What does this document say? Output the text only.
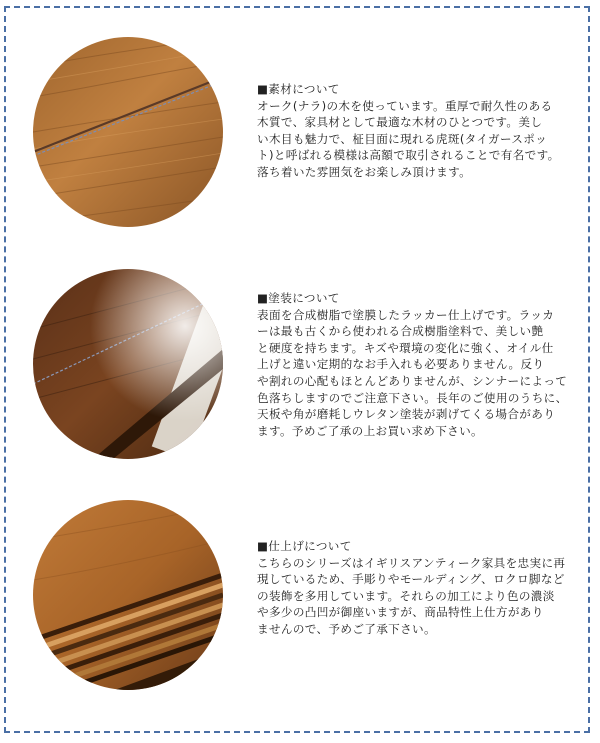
■素材について
オーク(ナラ)の木を使っています。重厚で耐久性のある
木質で、家具材として最適な木材のひとつです。美し
い木目も魅力で、柾目面に現れる虎斑(タイガースポッ
ト)と呼ばれる模様は高額で取引されることで有名です。
落ち着いた雰囲気をお楽しみ頂けます。
■塗装について
表面を合成樹脂で塗膜したラッカー仕上げです。ラッカ
ーは最も古くから使われる合成樹脂塗料で、美しい艶
と硬度を持ちます。キズや環境の変化に強く、オイル仕
上げと違い定期的なお手入れも必要ありません。反り
や割れの心配もほとんどありませんが、シンナーによって
色落ちしますのでご注意下さい。長年のご使用のうちに、
天板や角が磨耗しウレタン塗装が剥げてくる場合があり
ます。予めご了承の上お買い求め下さい。
■仕上げについて
こちらのシリーズはイギリスアンティーク家具を忠実に再
現しているため、手彫りやモールディング、ロクロ脚など
の装飾を多用しています。それらの加工により色の濃淡
や多少の凸凹が御座いますが、商品特性上仕方があり
ませんので、予めご了承下さい。
